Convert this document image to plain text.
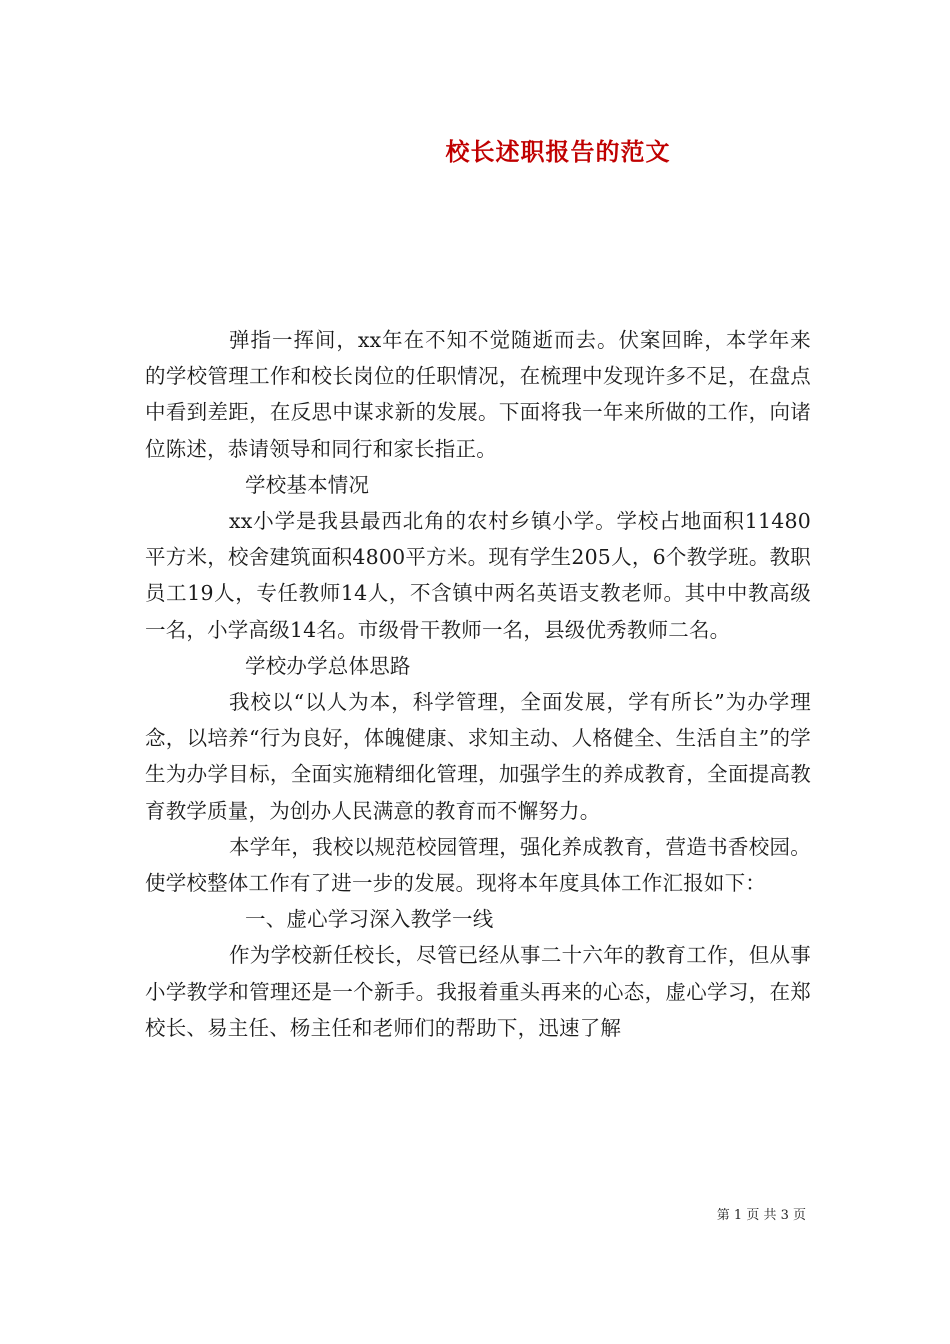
校长述职报告的范文

弹指一挥间，xx年在不知不觉随逝而去。伏案回眸，本学年来的学校管理工作和校长岗位的任职情况，在梳理中发现许多不足，在盘点中看到差距，在反思中谋求新的发展。下面将我一年来所做的工作，向诸位陈述，恭请领导和同行和家长指正。

学校基本情况

xx小学是我县最西北角的农村乡镇小学。学校占地面积11480平方米，校舍建筑面积4800平方米。现有学生205人，6个教学班。教职员工19人，专任教师14人，不含镇中两名英语支教老师。其中中教高级一名，小学高级14名。市级骨干教师一名，县级优秀教师二名。

学校办学总体思路

我校以“以人为本，科学管理，全面发展，学有所长”为办学理念，以培养“行为良好，体魄健康、求知主动、人格健全、生活自主”的学生为办学目标，全面实施精细化管理，加强学生的养成教育，全面提高教育教学质量，为创办人民满意的教育而不懈努力。

本学年，我校以规范校园管理，强化养成教育，营造书香校园。使学校整体工作有了进一步的发展。现将本年度具体工作汇报如下：

一、虚心学习深入教学一线

作为学校新任校长，尽管已经从事二十六年的教育工作，但从事小学教学和管理还是一个新手。我报着重头再来的心态，虚心学习，在郑校长、易主任、杨主任和老师们的帮助下，迅速了解

第 1 页 共 3 页
